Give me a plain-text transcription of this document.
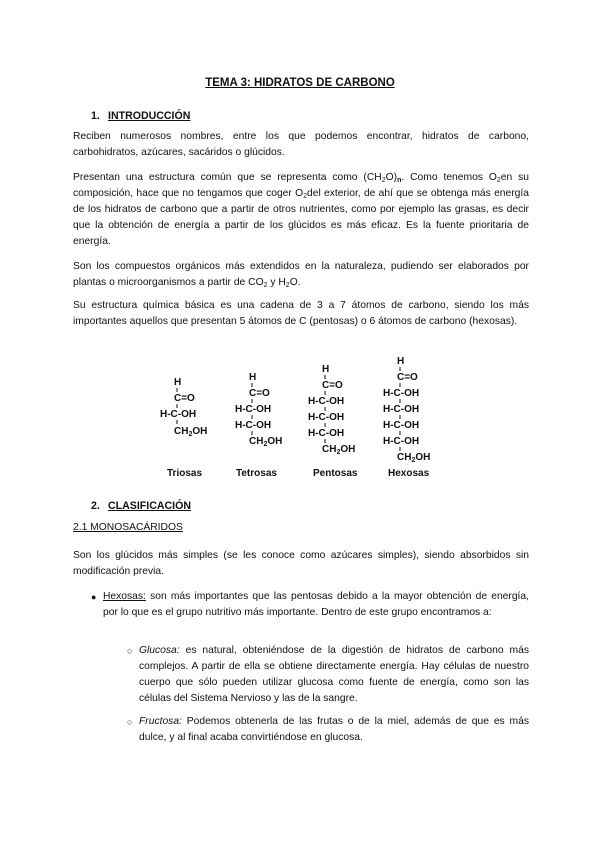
TEMA 3: HIDRATOS DE CARBONO
1. INTRODUCCIÓN
Reciben numerosos nombres, entre los que podemos encontrar, hidratos de carbono, carbohidratos, azúcares, sacáridos o glúcidos.
Presentan una estructura común que se representa como $(CH_2O)_n$. Como tenemos $O_2en$ su composición, hace que no tengamos que coger $O_2del$ exterior, de ahí que se obtenga más energía de los hidratos de carbono que a partir de otros nutrientes, como por ejemplo las grasas, es decir que la obtención de energía a partir de los glúcidos es más eficaz. Es la fuente prioritaria de energía.
Son los compuestos orgánicos más extendidos en la naturaleza, pudiendo ser elaborados por plantas o microorganismos a partir de $CO_2$ y $H_2O$.
Su estructura química básica es una cadena de 3 a 7 átomos de carbono, siendo los más importantes aquellos que presentan 5 átomos de C (pentosas) o 6 átomos de carbono (hexosas).
H
C=O
H-C-OH
$CH_2OH$
H
C=O
H-C-OH
H-C-OH
$CH_2OH$
H
C=O
H-C-OH
H-C-OH
H-C-OH
$CH_2OH$
H
C=O
H-C-OH
H-C-OH
H-C-OH
H-C-OH
$CH_2OH$
Triosas	Tetrosas	Pentosas	Hexosas
2. CLASIFICACIÓN
2.1 MONOSACÁRIDOS
Son los glúcidos más simples (se les conoce como azúcares simples), siendo absorbidos sin modificación previa.
● Hexosas: son más importantes que las pentosas debido a la mayor obtención de energía, por lo que es el grupo nutritivo más importante. Dentro de este grupo encontramos a:
○ Glucosa: es natural, obteniéndose de la digestión de hidratos de carbono más complejos. A partir de ella se obtiene directamente energía. Hay células de nuestro cuerpo que sólo pueden utilizar glucosa como fuente de energía, como son las células del Sistema Nervioso y las de la sangre.
○ Fructosa: Podemos obtenerla de las frutas o de la miel, además de que es más dulce, y al final acaba convirtiéndose en glucosa.
